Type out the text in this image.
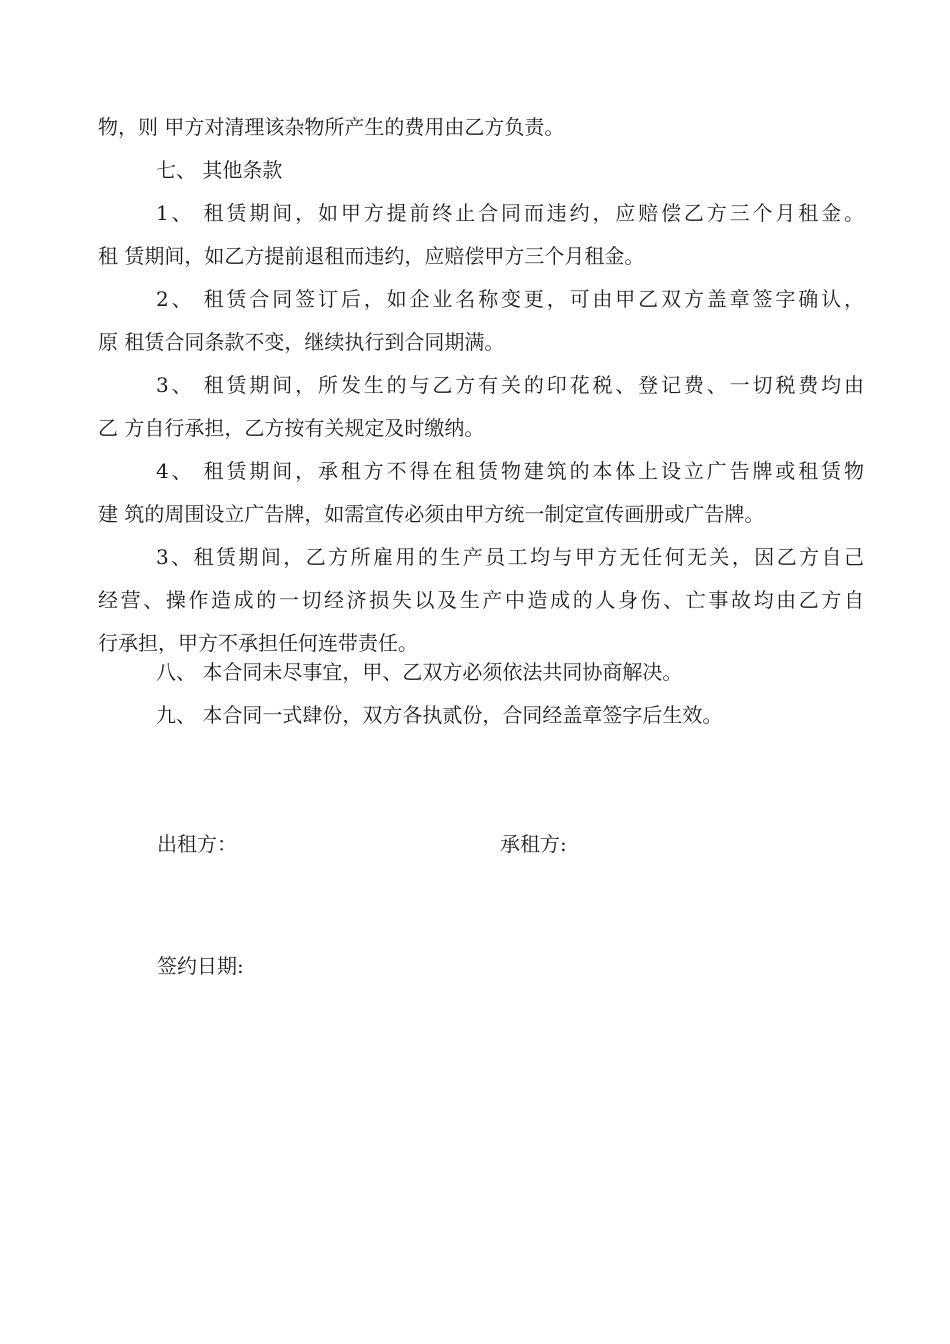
物，则 甲方对清理该杂物所产生的费用由乙方负责。
七、 其他条款
1、 租赁期间，如甲方提前终止合同而违约，应赔偿乙方三个月租金。
租 赁期间，如乙方提前退租而违约，应赔偿甲方三个月租金。
2、 租赁合同签订后，如企业名称变更，可由甲乙双方盖章签字确认，
原 租赁合同条款不变，继续执行到合同期满。
3、 租赁期间，所发生的与乙方有关的印花税、登记费、一切税费均由
乙 方自行承担，乙方按有关规定及时缴纳。
4、 租赁期间，承租方不得在租赁物建筑的本体上设立广告牌或租赁物
建 筑的周围设立广告牌，如需宣传必须由甲方统一制定宣传画册或广告牌。
3、租赁期间，乙方所雇用的生产员工均与甲方无任何无关，因乙方自己
经营、操作造成的一切经济损失以及生产中造成的人身伤、亡事故均由乙方自
行承担，甲方不承担任何连带责任。
八、 本合同未尽事宜，甲、乙双方必须依法共同协商解决。
九、 本合同一式肆份，双方各执贰份，合同经盖章签字后生效。
出租方：	承租方:
签约日期:
